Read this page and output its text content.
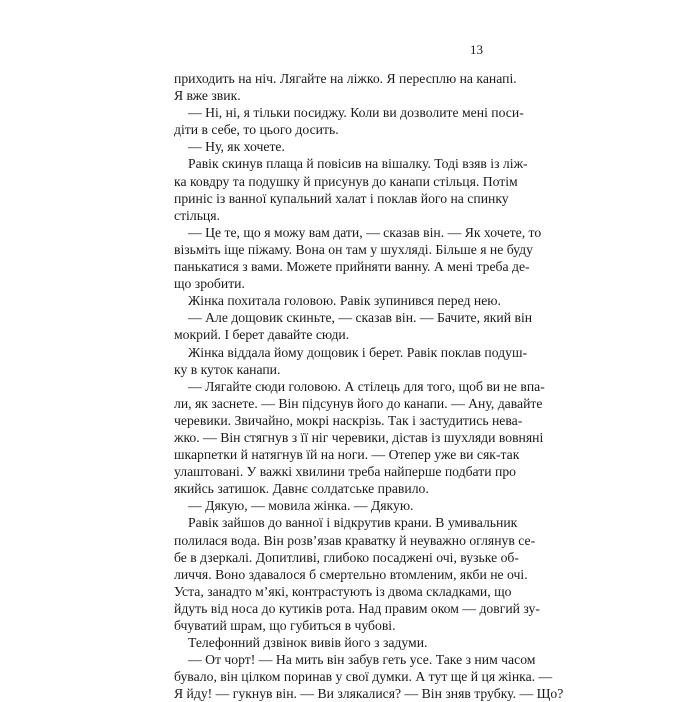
13
приходить на ніч. Лягайте на ліжко. Я пересплю на канапі.
Я вже звик.
— Ні, ні, я тільки посиджу. Коли ви дозволите мені поси-
діти в себе, то цього досить.
— Ну, як хочете.
Равік скинув плаща й повісив на вішалку. Тоді взяв із ліж-
ка ковдру та подушку й присунув до канапи стільця. Потім
приніс із ванної купальний халат і поклав його на спинку
стільця.
— Це те, що я можу вам дати, — сказав він. — Як хочете, то
візьміть іще піжаму. Вона он там у шухляді. Більше я не буду
панькатися з вами. Можете прийняти ванну. А мені треба де-
що зробити.
Жінка похитала головою. Равік зупинився перед нею.
— Але дощовик скиньте, — сказав він. — Бачите, який він
мокрий. І берет давайте сюди.
Жінка віддала йому дощовик і берет. Равік поклав подуш-
ку в куток канапи.
— Лягайте сюди головою. А стілець для того, щоб ви не впа-
ли, як заснете. — Він підсунув його до канапи. — Ану, давайте
черевики. Звичайно, мокрі наскрізь. Так і застудитись нева-
жко. — Він стягнув з її ніг черевики, дістав із шухляди вовняні
шкарпетки й натягнув їй на ноги. — Отепер уже ви сяк-так
улаштовані. У важкі хвилини треба найперше подбати про
якийсь затишок. Давнє солдатське правило.
— Дякую, — мовила жінка. — Дякую.
Равік зайшов до ванної і відкрутив крани. В умивальник
полилася вода. Він розв’язав краватку й неуважно оглянув се-
бе в дзеркалі. Допитливі, глибоко посаджені очі, вузьке об-
личчя. Воно здавалося б смертельно втомленим, якби не очі.
Уста, занадто м’які, контрастують із двома складками, що
йдуть від носа до кутиків рота. Над правим оком — довгий зу-
бчуватий шрам, що губиться в чубові.
Телефонний дзвінок вивів його з задуми.
— От чорт! — На мить він забув геть усе. Таке з ним часом
бувало, він цілком поринав у свої думки. А тут ще й ця жінка. —
Я йду! — гукнув він. — Ви злякалися? — Він зняв трубку. — Що?
